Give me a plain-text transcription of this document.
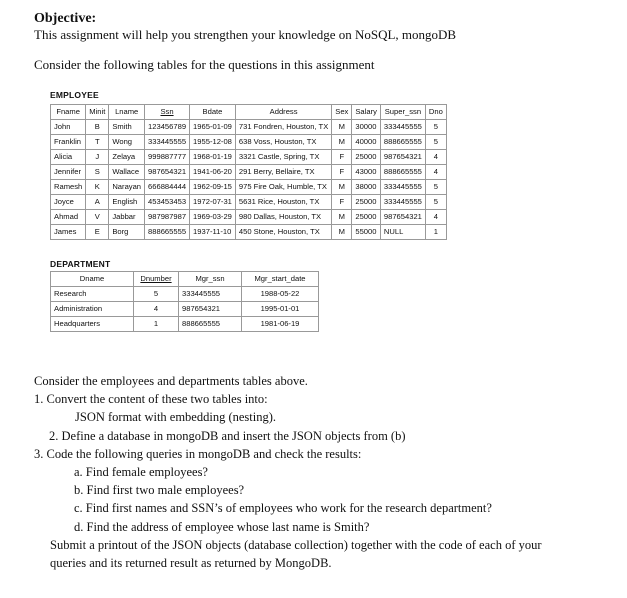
Objective:
This assignment will help you strengthen your knowledge on NoSQL, mongoDB
Consider the following tables for the questions in this assignment
EMPLOYEE
Fname	Minit	Lname	Ssn	Bdate	Address	Sex	Salary	Super_ssn	Dno
John	B	Smith	123456789	1965-01-09	731 Fondren, Houston, TX	M	30000	333445555	5
Franklin	T	Wong	333445555	1955-12-08	638 Voss, Houston, TX	M	40000	888665555	5
Alicia	J	Zelaya	999887777	1968-01-19	3321 Castle, Spring, TX	F	25000	987654321	4
Jennifer	S	Wallace	987654321	1941-06-20	291 Berry, Bellaire, TX	F	43000	888665555	4
Ramesh	K	Narayan	666884444	1962-09-15	975 Fire Oak, Humble, TX	M	38000	333445555	5
Joyce	A	English	453453453	1972-07-31	5631 Rice, Houston, TX	F	25000	333445555	5
Ahmad	V	Jabbar	987987987	1969-03-29	980 Dallas, Houston, TX	M	25000	987654321	4
James	E	Borg	888665555	1937-11-10	450 Stone, Houston, TX	M	55000	NULL	1
DEPARTMENT
Dname	Dnumber	Mgr_ssn	Mgr_start_date
Research	5	333445555	1988-05-22
Administration	4	987654321	1995-01-01
Headquarters	1	888665555	1981-06-19
Consider the employees and departments tables above.
1. Convert the content of these two tables into:
JSON format with embedding (nesting).
2. Define a database in mongoDB and insert the JSON objects from (b)
3. Code the following queries in mongoDB and check the results:
a. Find female employees?
b. Find first two male employees?
c. Find first names and SSN’s of employees who work for the research department?
d. Find the address of employee whose last name is Smith?
Submit a printout of the JSON objects (database collection) together with the code of each of your
queries and its returned result as returned by MongoDB.
